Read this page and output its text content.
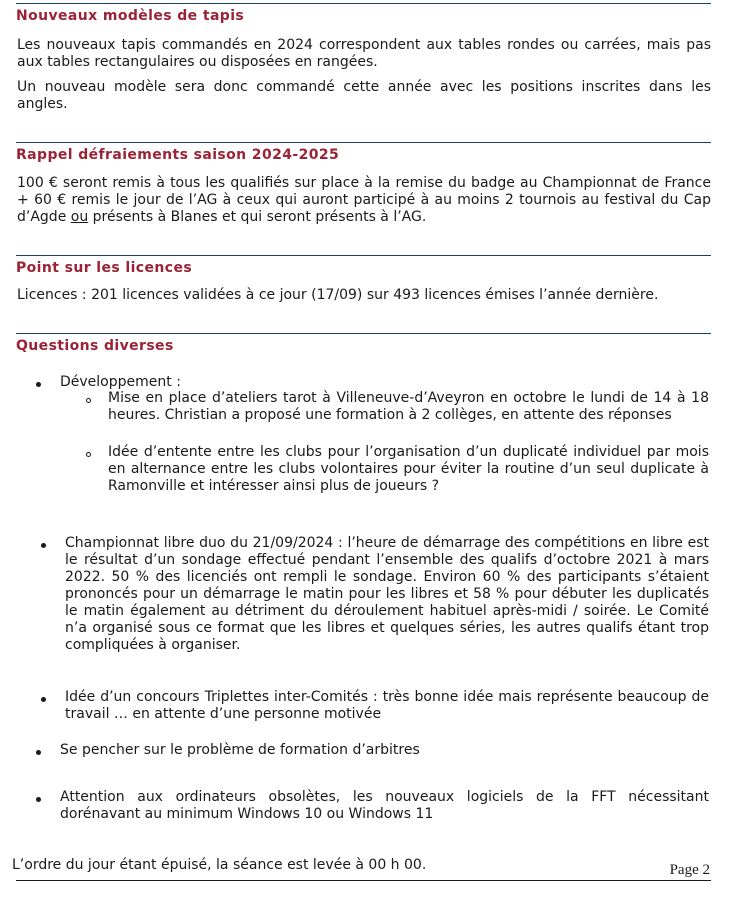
Nouveaux modèles de tapis

Les nouveaux tapis commandés en 2024 correspondent aux tables rondes ou carrées, mais pas aux tables rectangulaires ou disposées en rangées.

Un nouveau modèle sera donc commandé cette année avec les positions inscrites dans les angles.

Rappel défraiements saison 2024-2025

100 € seront remis à tous les qualifiés sur place à la remise du badge au Championnat de France + 60 € remis le jour de l’AG à ceux qui auront participé à au moins 2 tournois au festival du Cap d’Agde ou présents à Blanes et qui seront présents à l’AG.

Point sur les licences

Licences : 201 licences validées à ce jour (17/09) sur 493 licences émises l’année dernière.

Questions diverses
Développement :
Mise en place d’ateliers tarot à Villeneuve-d’Aveyron en octobre le lundi de 14 à 18 heures. Christian a proposé une formation à 2 collèges, en attente des réponses
Idée d’entente entre les clubs pour l’organisation d’un duplicaté individuel par mois en alternance entre les clubs volontaires pour éviter la routine d’un seul duplicate à Ramonville et intéresser ainsi plus de joueurs ?
Championnat libre duo du 21/09/2024 : l’heure de démarrage des compétitions en libre est le résultat d’un sondage effectué pendant l’ensemble des qualifs d’octobre 2021 à mars 2022. 50 % des licenciés ont rempli le sondage. Environ 60 % des participants s’étaient prononcés pour un démarrage le matin pour les libres et 58 % pour débuter les duplicatés le matin également au détriment du déroulement habituel après-midi / soirée. Le Comité n’a organisé sous ce format que les libres et quelques séries, les autres qualifs étant trop compliquées à organiser.
Idée d’un concours Triplettes inter-Comités : très bonne idée mais représente beaucoup de travail … en attente d’une personne motivée
Se pencher sur le problème de formation d’arbitres
Attention aux ordinateurs obsolètes, les nouveaux logiciels de la FFT nécessitant dorénavant au minimum Windows 10 ou Windows 11
L’ordre du jour étant épuisé, la séance est levée à 00 h 00.	Page 2
